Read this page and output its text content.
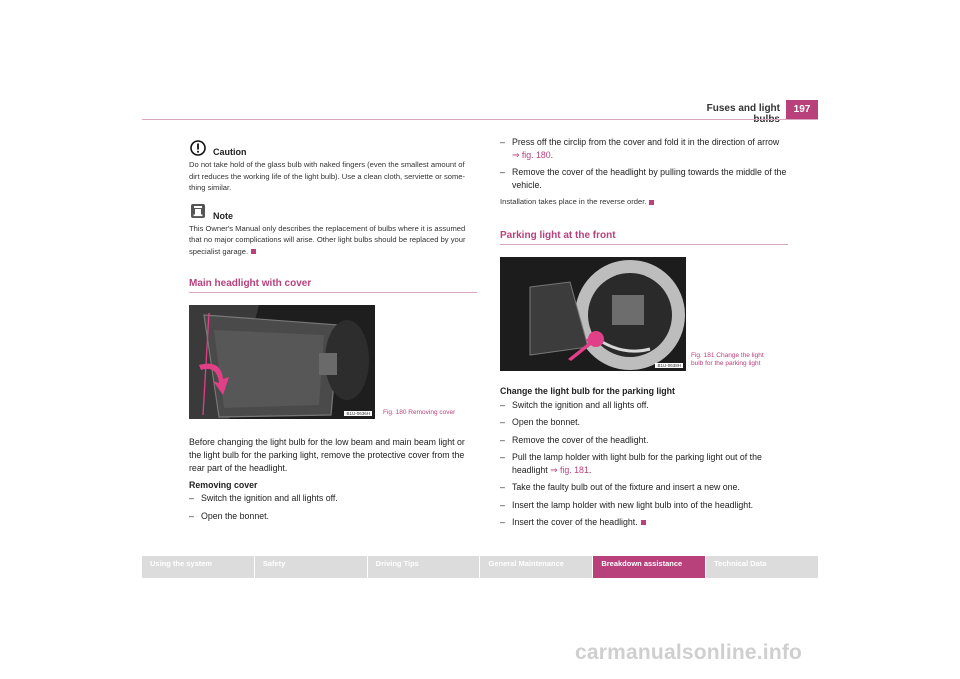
Fuses and light	197
Caution
Do not take hold of the glass bulb with naked fingers (even the smallest amount of dirt reduces the working life of the light bulb). Use a clean cloth, serviette or some-thing similar.
Note
This Owner's Manual only describes the replacement of bulbs where it is assumed that no major complications will arise. Other light bulbs should be replaced by your specialist garage.
Main headlight with cover
B1U-0636H	Fig. 180 Removing cover
Before changing the light bulb for the low beam and main beam light or the light bulb for the parking light, remove the protective cover from the rear part of the headlight.
Removing cover
– Switch the ignition and all lights off.
– Open the bonnet.
– Press off the circlip from the cover and fold it in the direction of arrow
⇒ fig. 180.
– Remove the cover of the headlight by pulling towards the middle of the vehicle.
Installation takes place in the reverse order.
Parking light at the front
B1U-0638H
Fig. 181 Change the light
bulb for the parking light
Change the light bulb for the parking light
– Switch the ignition and all lights off.
– Open the bonnet.
– Remove the cover of the headlight.
– Pull the lamp holder with light bulb for the parking light out of the headlight ⇒ fig. 181.
– Take the faulty bulb out of the fixture and insert a new one.
– Insert the lamp holder with new light bulb into of the headlight.
– Insert the cover of the headlight.
Using the system	Safety	Driving Tips	General Maintenance	Breakdown assistance	Technical Data
carmanualsonline.info
